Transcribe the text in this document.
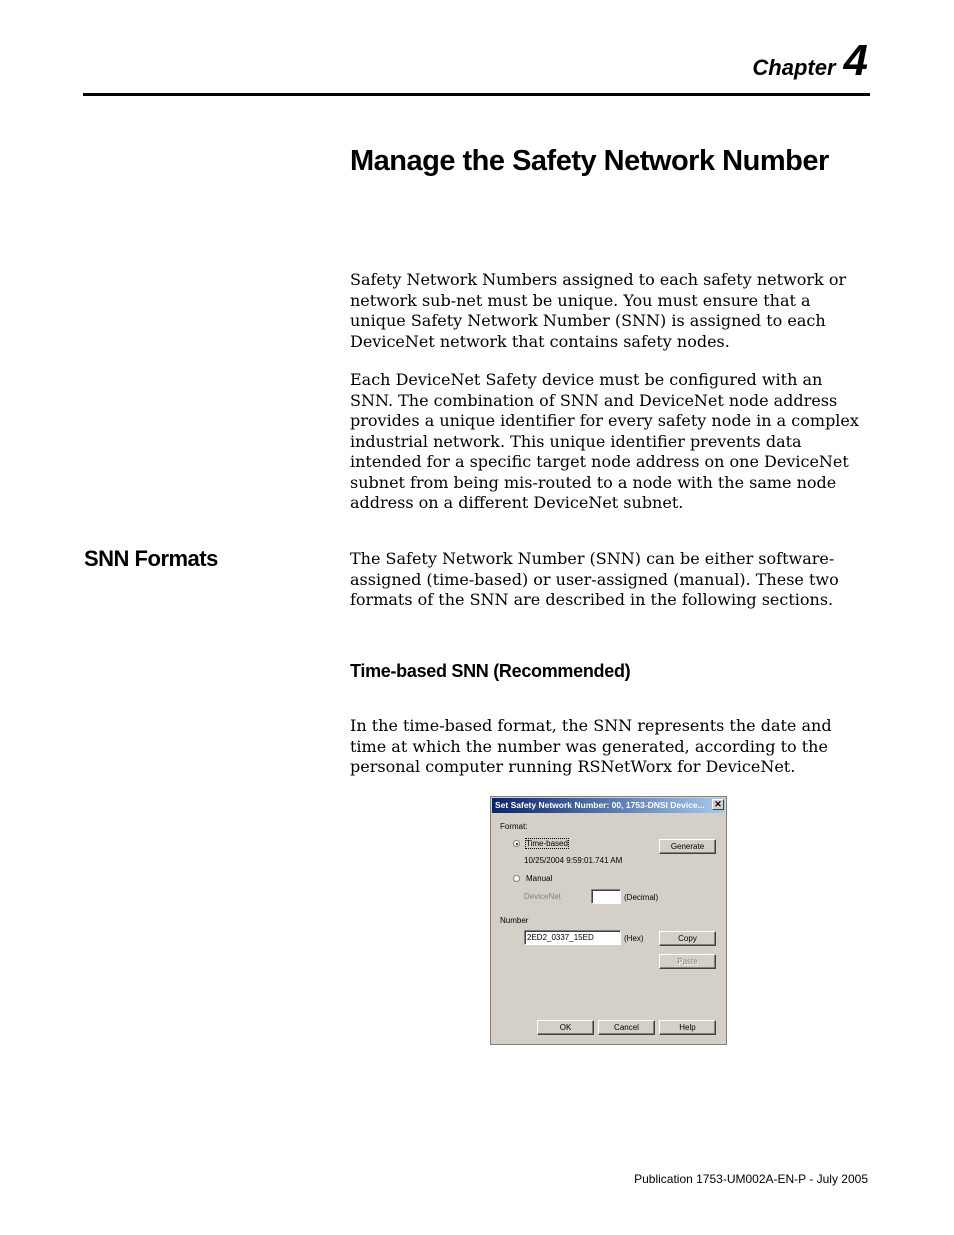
Chapter 4
Manage the Safety Network Number

Safety Network Numbers assigned to each safety network or network sub-net must be unique. You must ensure that a unique Safety Network Number (SNN) is assigned to each DeviceNet network that contains safety nodes.

Each DeviceNet Safety device must be configured with an SNN. The combination of SNN and DeviceNet node address provides a unique identifier for every safety node in a complex industrial network. This unique identifier prevents data intended for a specific target node address on one DeviceNet subnet from being mis-routed to a node with the same node address on a different DeviceNet subnet.

SNN Formats	The Safety Network Number (SNN) can be either software-assigned (time-based) or user-assigned (manual). These two formats of the SNN are described in the following sections.

Time-based SNN (Recommended)

In the time-based format, the SNN represents the date and time at which the number was generated, according to the personal computer running RSNetWorx for DeviceNet.

Set Safety Network Number: 00, 1753-DNSI Device...	✕
Format:
Time-based
10/25/2004 9:59:01.741 AM
Generate
Manual
DeviceNet	(Decimal)
Number
2ED2_0337_15ED	(Hex)	Copy
Paste
OK	Cancel	Help
Publication 1753-UM002A-EN-P - July 2005
